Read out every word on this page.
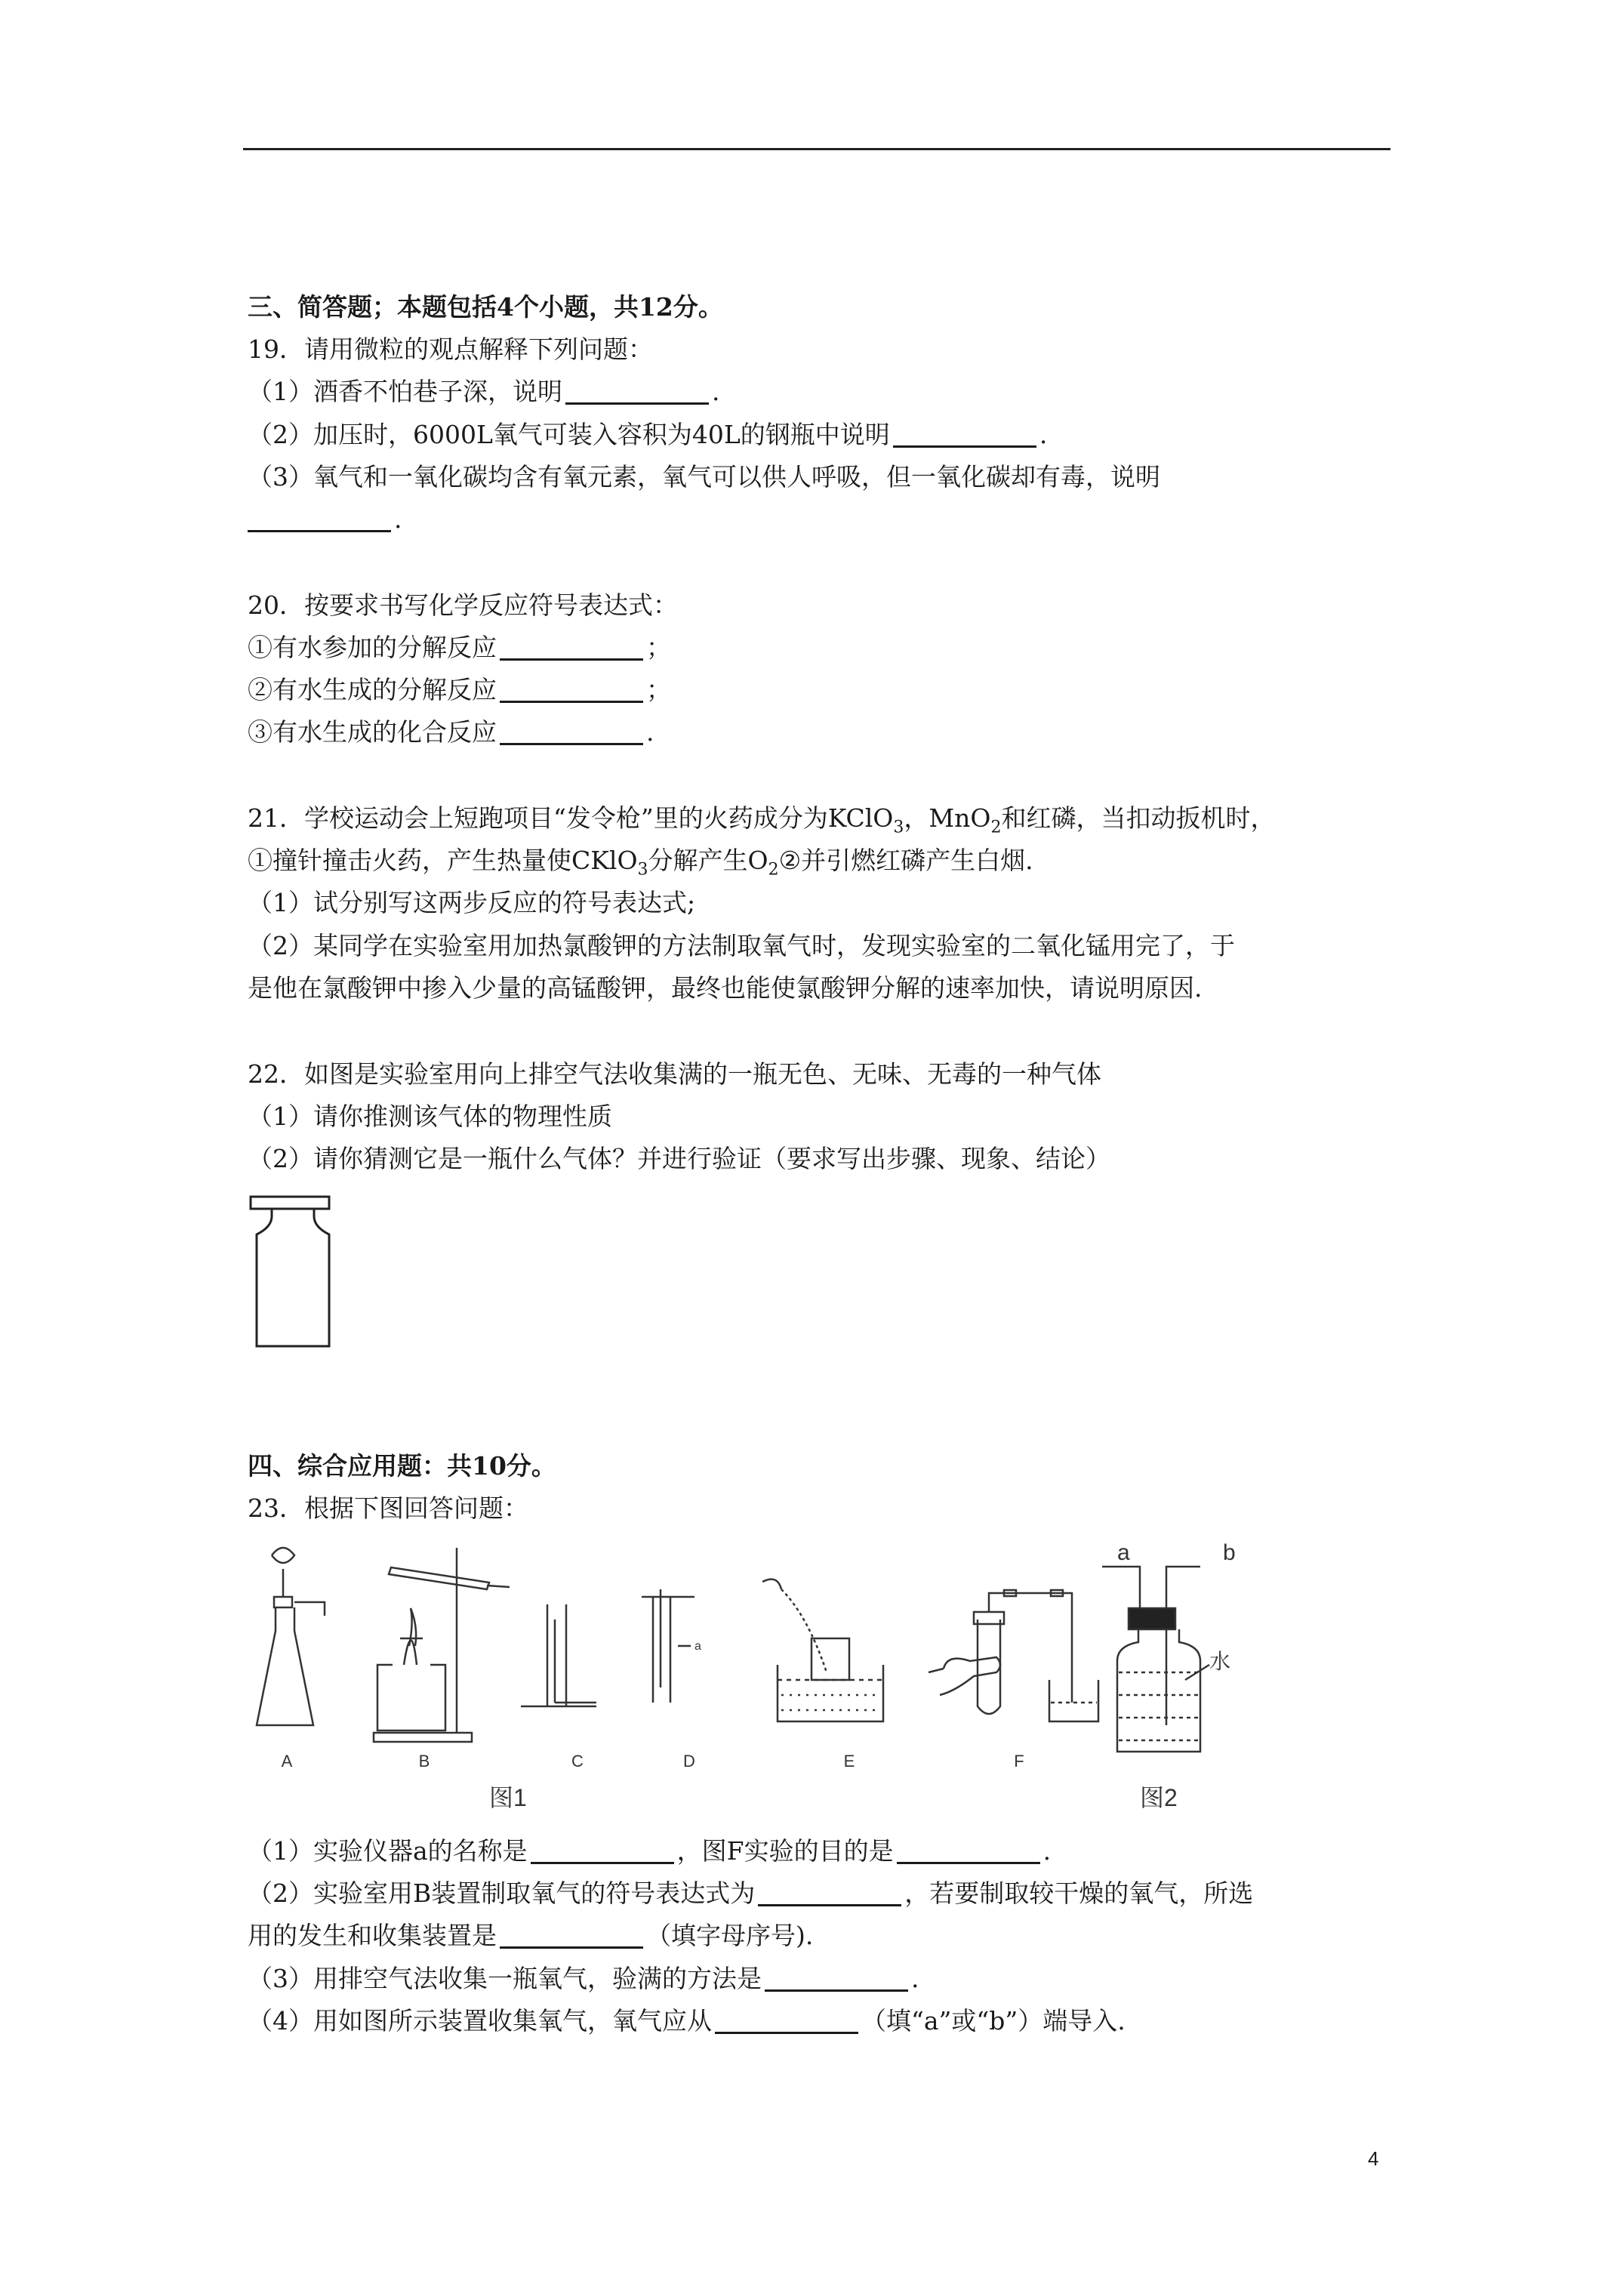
三、简答题；本题包括4个小题，共12分。
19．请用微粒的观点解释下列问题：
（1）酒香不怕巷子深，说明	.
（2）加压时，6000L氧气可装入容积为40L的钢瓶中说明	.
（3）氧气和一氧化碳均含有氧元素，氧气可以供人呼吸，但一氧化碳却有毒，说明
.
20．按要求书写化学反应符号表达式：
①有水参加的分解反应	；
②有水生成的分解反应	；
③有水生成的化合反应	.
21．学校运动会上短跑项目“发令枪”里的火药成分为KClO$_3$，MnO$_2$和红磷，当扣动扳机时，
①撞针撞击火药，产生热量使CKlO$_3$分解产生$O_2②$并引燃红磷产生白烟.
（1）试分别写这两步反应的符号表达式;
（2）某同学在实验室用加热氯酸钾的方法制取氧气时，发现实验室的二氧化锰用完了，于
是他在氯酸钾中掺入少量的高锰酸钾，最终也能使氯酸钾分解的速率加快，请说明原因.
22．如图是实验室用向上排空气法收集满的一瓶无色、无味、无毒的一种气体
（1）请你推测该气体的物理性质
（2）请你猜测它是一瓶什么气体？并进行验证（要求写出步骤、现象、结论）
四、综合应用题：共10分。
23．根据下图回答问题：
A	B	C	D	E	F
a
a	b
水
图1	图2
（1）实验仪器a的名称是	，图F实验的目的是	.
（2）实验室用B装置制取氧气的符号表达式为	，若要制取较干燥的氧气，所选
用的发生和收集装置是	（填字母序号).
（3）用排空气法收集一瓶氧气，验满的方法是	.
（4）用如图所示装置收集氧气，氧气应从	（填“a”或“b”）端导入.
4
